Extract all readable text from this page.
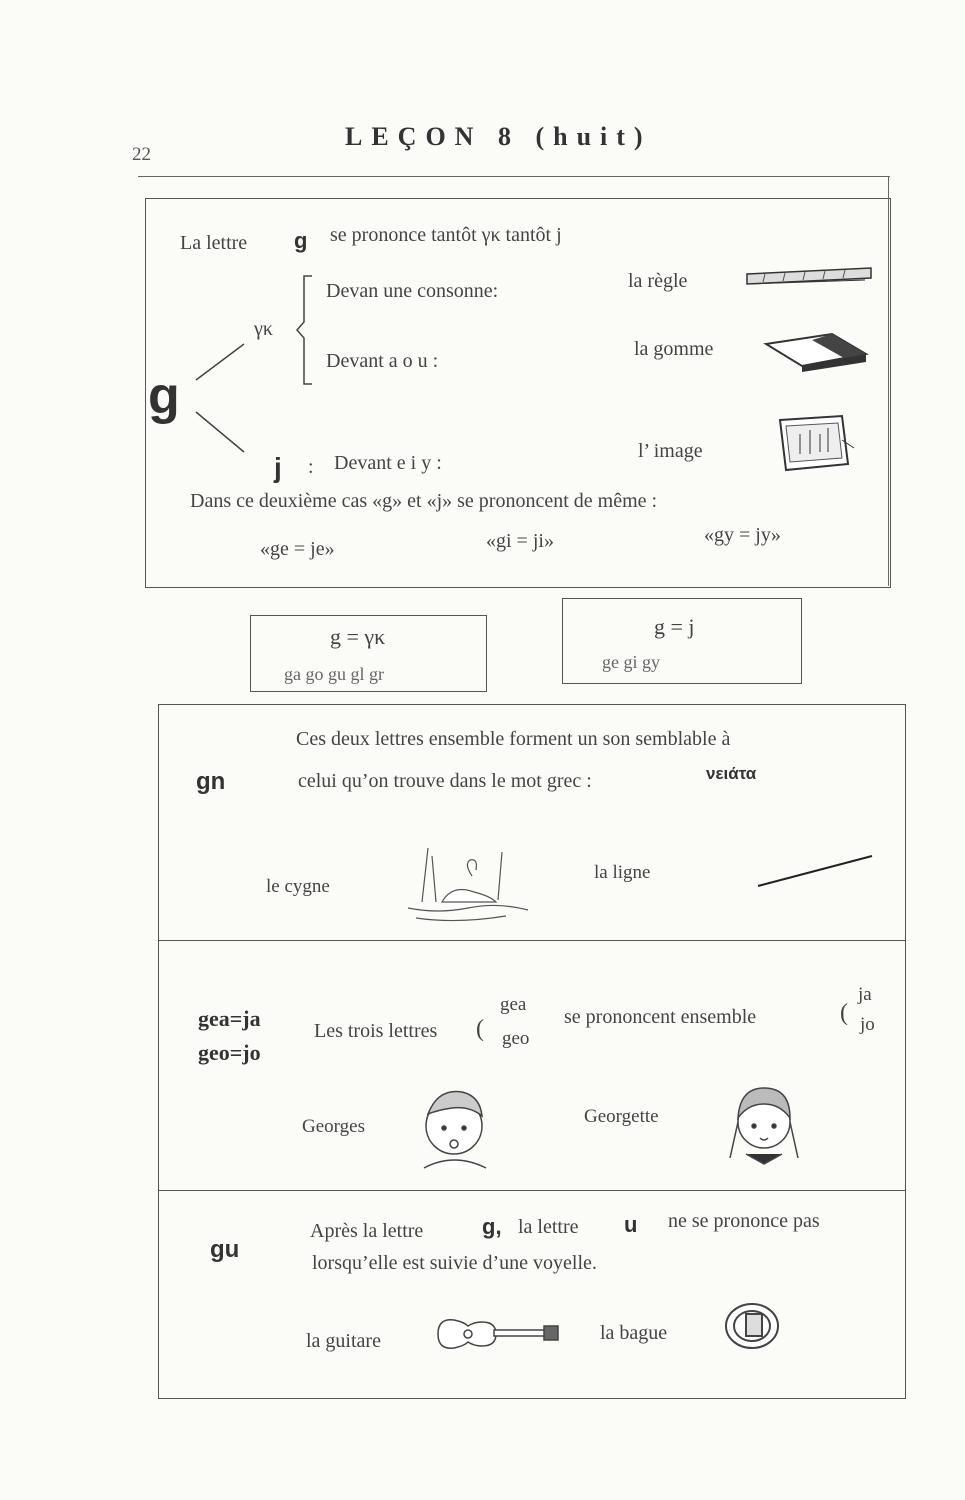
22
LEÇON 8 (huit)
La lettre g se prononce tantôt γκ tantôt j
g
γκ
Devan une consonne:	la règle
Devant a o u :
la gomme
j : Devant e i y :
l’ image
Dans ce deuxième cas «g» et «j» se prononcent de même :
«ge = je»	«gi = ji»	«gy = jy»
g = γκ
ga go gu gl gr
g = j
ge gi gy
gn
Ces deux lettres ensemble forment un son semblable à
celui qu’on trouve dans le mot grec :	νειάτα
le cygne
la ligne
gea=ja
geo=jo
Les trois lettres (
gea
geo
se prononcent ensemble	(
ja
jo
Georges	Georgette
gu
Après la lettre	g, la lettre u ne se prononce pas
lorsqu’elle est suivie d’une voyelle.
la guitare	la bague
